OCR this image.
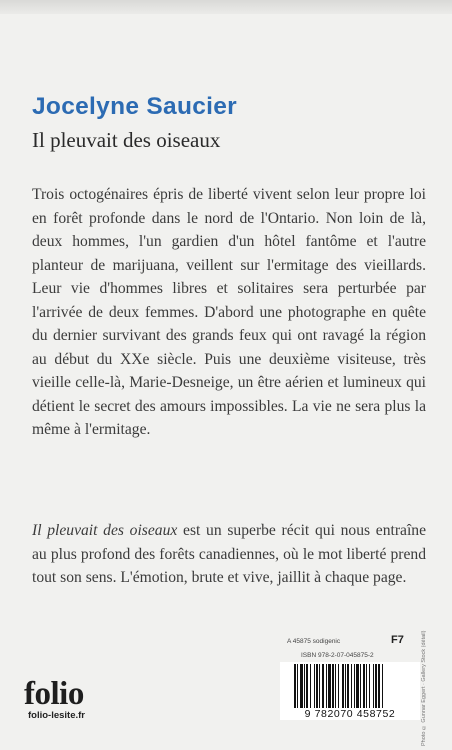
Jocelyne Saucier
Il pleuvait des oiseaux

Trois octogénaires épris de liberté vivent selon leur propre loi en forêt profonde dans le nord de l'Ontario. Non loin de là, deux hommes, l'un gardien d'un hôtel fantôme et l'autre planteur de marijuana, veillent sur l'ermitage des vieillards. Leur vie d'hommes libres et solitaires sera perturbée par l'arrivée de deux femmes. D'abord une photographe en quête du dernier survivant des grands feux qui ont ravagé la région au début du XXe siècle. Puis une deuxième visiteuse, très vieille celle-là, Marie-Desneige, un être aérien et lumineux qui détient le secret des amours impossibles. La vie ne sera plus la même à l'ermitage.

Il pleuvait des oiseaux est un superbe récit qui nous entraîne au plus profond des forêts canadiennes, où le mot liberté prend tout son sens. L'émotion, brute et vive, jaillit à chaque page.

A 45875 sodigenic	F7
ISBN 978-2-07-045875-2
9 782070 458752
folio
folio-lesite.fr	Photo © Gunnar Eggert · Gallery Stock (détail)
